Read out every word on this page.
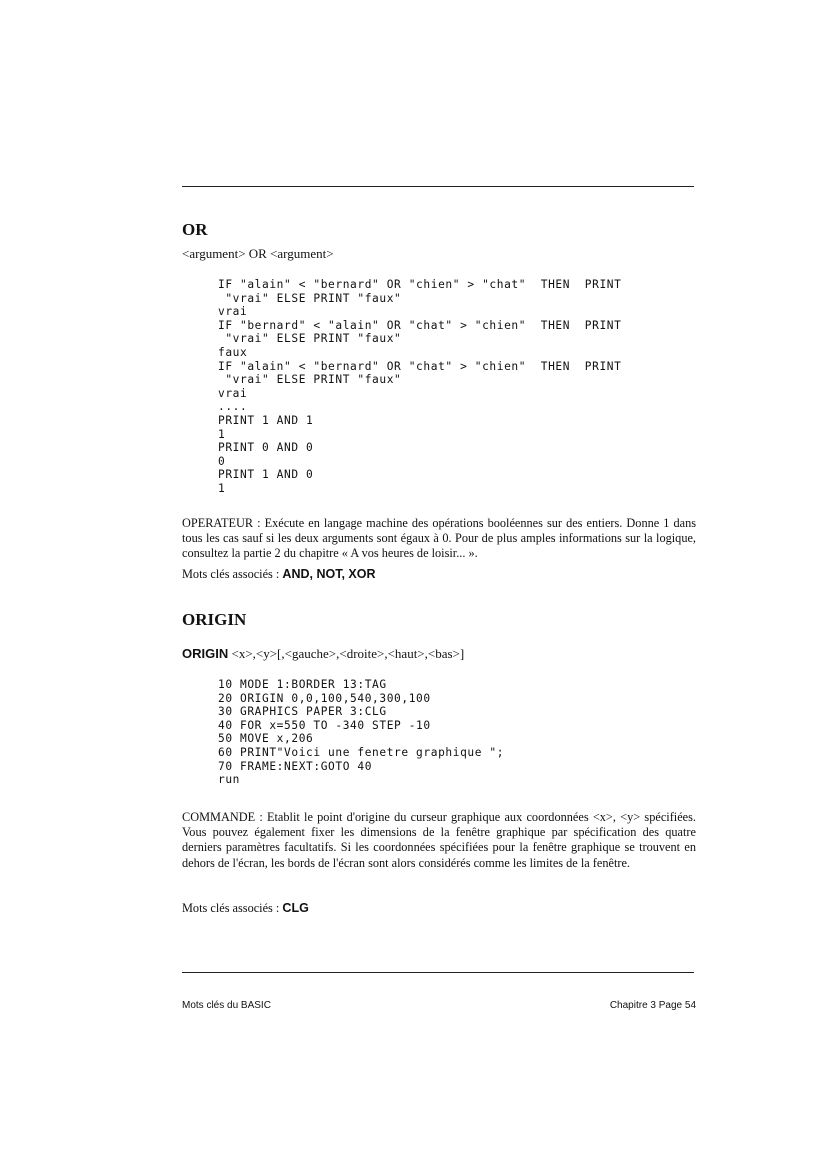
OR
<argument> OR <argument>
IF "alain" < "bernard" OR "chien" > "chat"  THEN  PRINT
"vrai" ELSE PRINT "faux"
vrai
IF "bernard" < "alain" OR "chat" > "chien"  THEN  PRINT
"vrai" ELSE PRINT "faux"
faux
IF "alain" < "bernard" OR "chat" > "chien"  THEN  PRINT
"vrai" ELSE PRINT "faux"
vrai
....
PRINT 1 AND 1
1
PRINT 0 AND 0
0
PRINT 1 AND 0
1
OPERATEUR : Exécute en langage machine des opérations booléennes sur des entiers. Donne 1 dans tous les cas sauf si les deux arguments sont égaux à 0. Pour de plus amples informations sur la logique, consultez la partie 2 du chapitre « A vos heures de loisir... ».
Mots clés associés : AND, NOT, XOR
ORIGIN
ORIGIN <x>,<y>[,<gauche>,<droite>,<haut>,<bas>]
10 MODE 1:BORDER 13:TAG
20 ORIGIN 0,0,100,540,300,100
30 GRAPHICS PAPER 3:CLG
40 FOR x=550 TO -340 STEP -10
50 MOVE x,206
60 PRINT"Voici une fenetre graphique ";
70 FRAME:NEXT:GOTO 40
run
COMMANDE : Etablit le point d'origine du curseur graphique aux coordonnées <x>, <y> spécifiées. Vous pouvez également fixer les dimensions de la fenêtre graphique par spécification des quatre derniers paramètres facultatifs. Si les coordonnées spécifiées pour la fenêtre graphique se trouvent en dehors de l'écran, les bords de l'écran sont alors considérés comme les limites de la fenêtre.
Mots clés associés : CLG
Mots clés du BASIC	Chapitre 3 Page 54
